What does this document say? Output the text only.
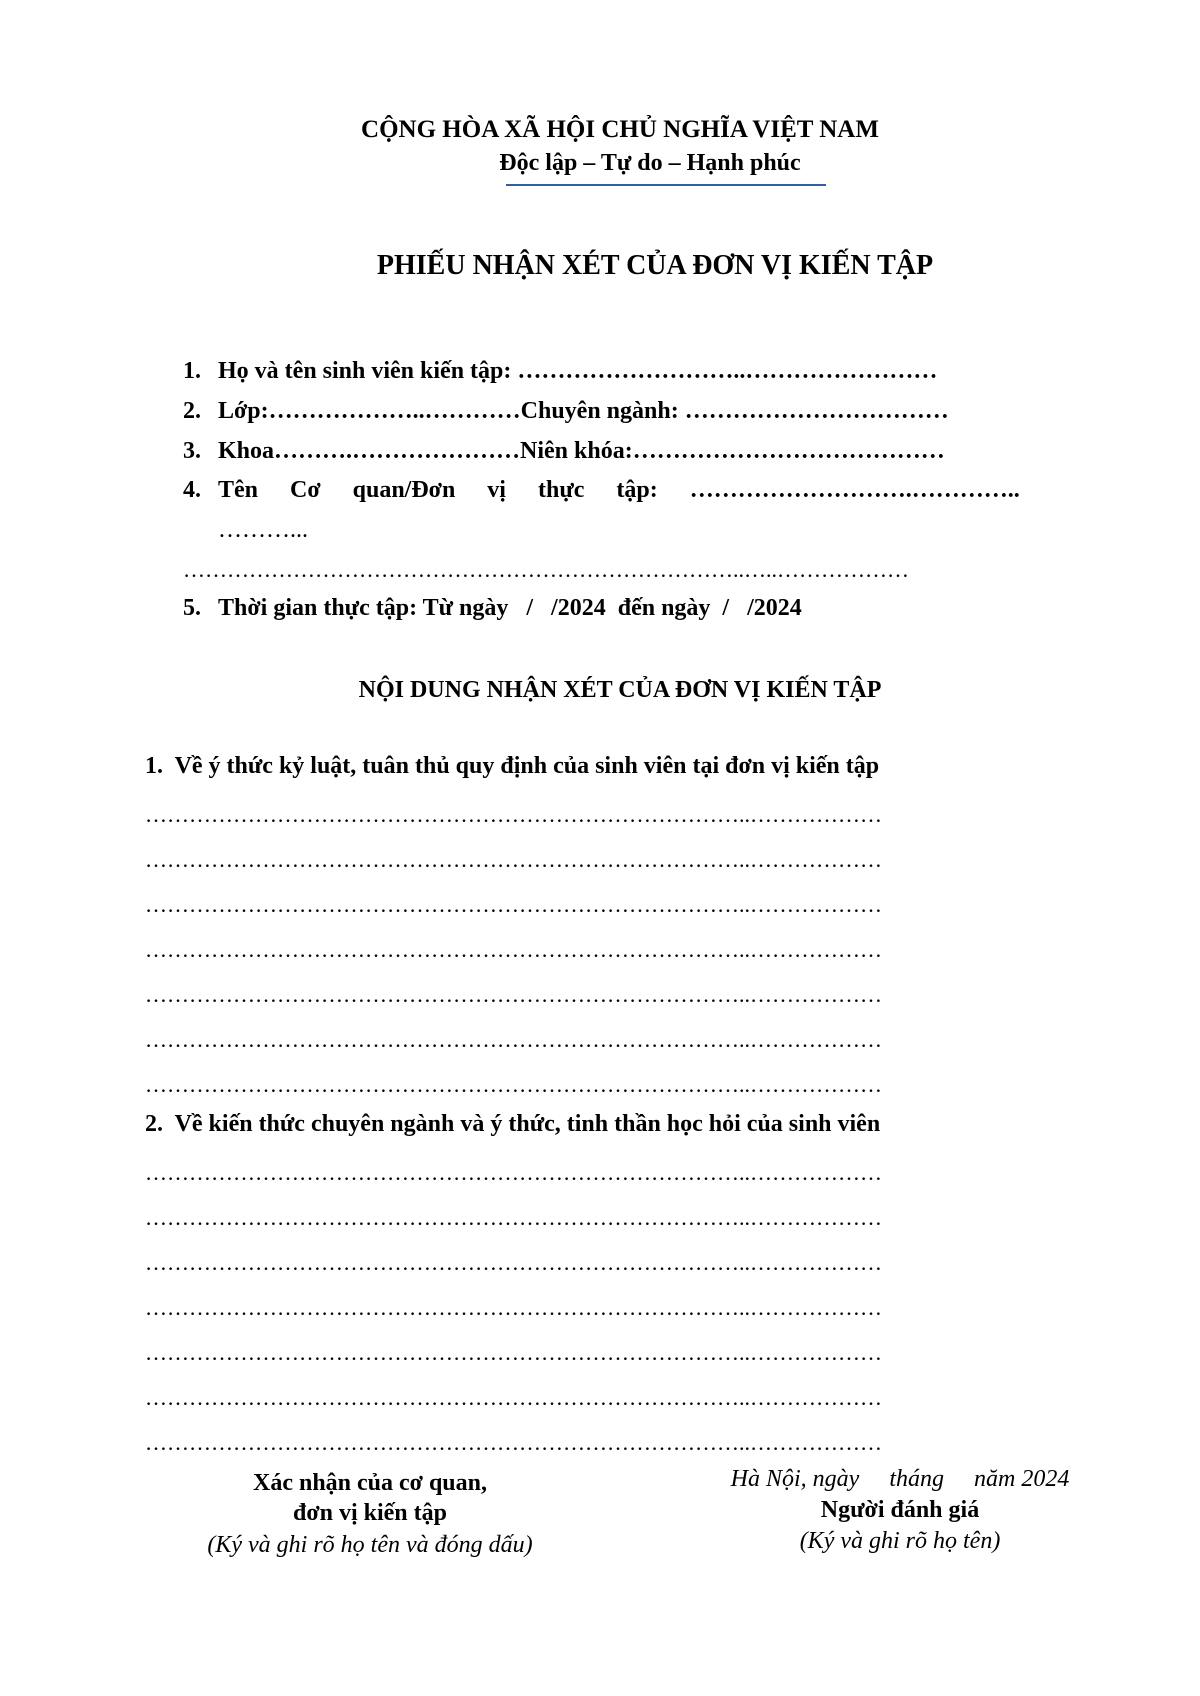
CỘNG HÒA XÃ HỘI CHỦ NGHĨA VIỆT NAM
Độc lập – Tự do – Hạnh phúc
PHIẾU NHẬN XÉT CỦA ĐƠN VỊ KIẾN TẬP
1. Họ và tên sinh viên kiến tập: ………………………..……………………
2. Lớp:………………..…………Chuyên ngành: ……………………………
3. Khoa……….…………………Niên khóa:…………………………………
4. Tên Cơ quan/Đơn vị thực tập: ……………………….…………..
………...
…………………………………………………………………..…..………………
5. Thời gian thực tập: Từ ngày   /   /2024  đến ngày  /   /2024
NỘI DUNG NHẬN XÉT CỦA ĐƠN VỊ KIẾN TẬP
1.  Về ý thức kỷ luật, tuân thủ quy định của sinh viên tại đơn vị kiến tập
………………………………………………………………………..………………
………………………………………………………………………..………………
………………………………………………………………………..………………
………………………………………………………………………..………………
………………………………………………………………………..………………
………………………………………………………………………..………………
………………………………………………………………………..………………
2.  Về kiến thức chuyên ngành và ý thức, tinh thần học hỏi của sinh viên
………………………………………………………………………..………………
………………………………………………………………………..………………
………………………………………………………………………..………………
………………………………………………………………………..………………
………………………………………………………………………..………………
………………………………………………………………………..………………
………………………………………………………………………..………………
Xác nhận của cơ quan,
đơn vị kiến tập
(Ký và ghi rõ họ tên và đóng dấu)
Hà Nội, ngày     tháng     năm 2024
Người đánh giá
(Ký và ghi rõ họ tên)
